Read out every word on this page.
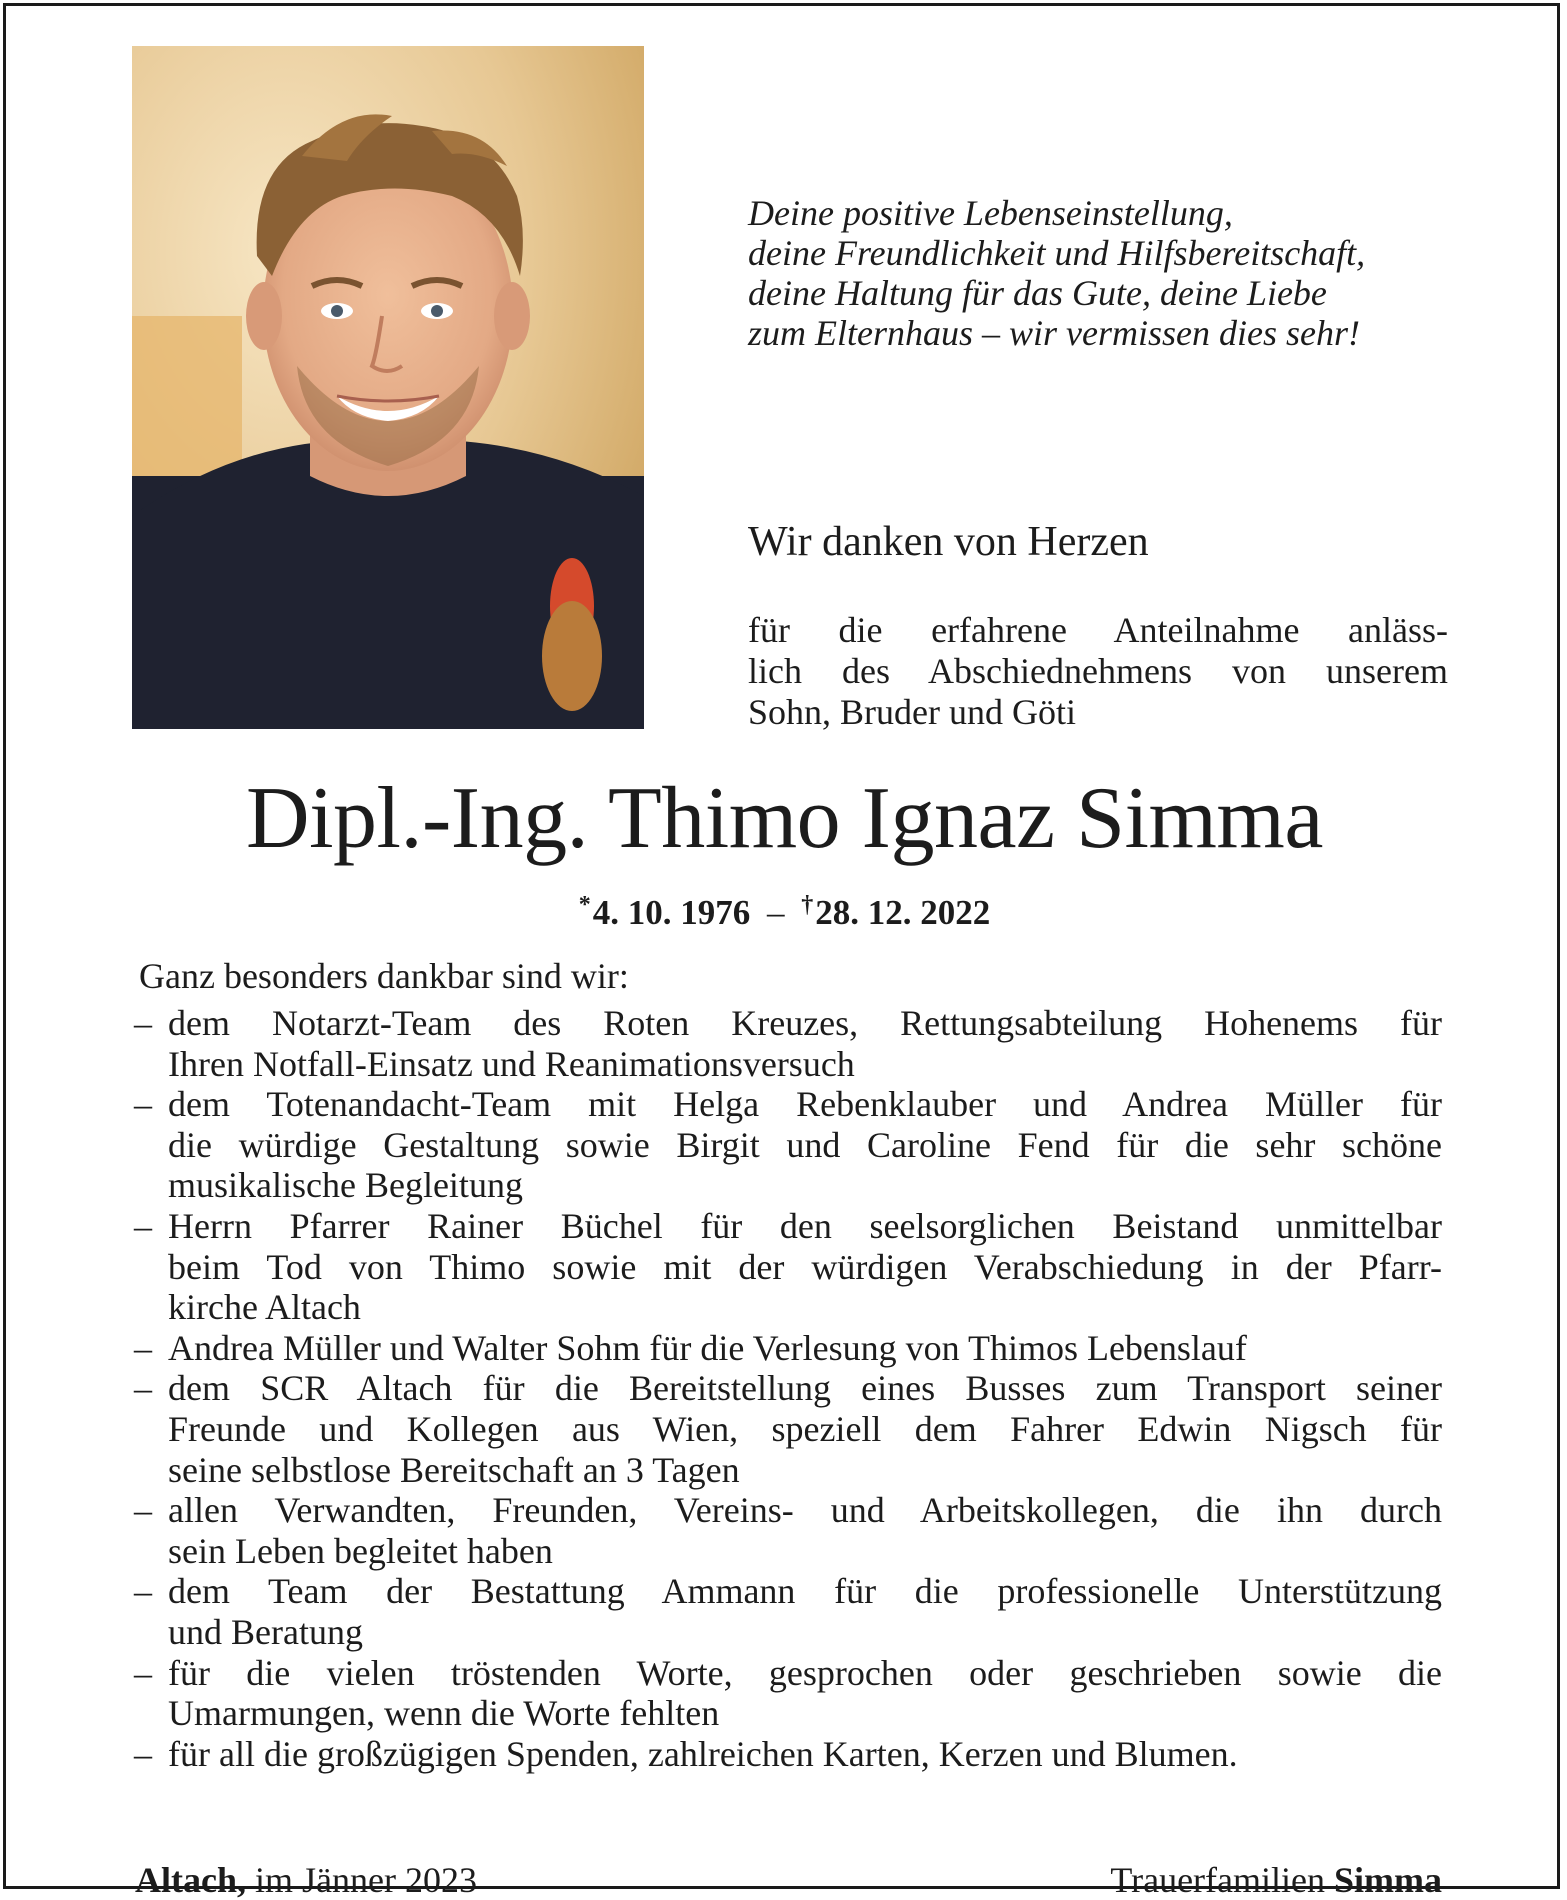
Deine positive Lebenseinstellung,
deine Freundlichkeit und Hilfsbereitschaft,
deine Haltung für das Gute, deine Liebe
zum Elternhaus – wir vermissen dies sehr!
Wir danken von Herzen
für die erfahrene Anteilnahme anläss-
lich des Abschiednehmens von unserem
Sohn, Bruder und Göti
Dipl.-Ing. Thimo Ignaz Simma
*4. 10. 1976 – †28. 12. 2022
Ganz besonders dankbar sind wir:
– dem Notarzt-Team des Roten Kreuzes, Rettungsabteilung Hohenems für
Ihren Notfall-Einsatz und Reanimationsversuch
– dem Totenandacht-Team mit Helga Rebenklauber und Andrea Müller für
die würdige Gestaltung sowie Birgit und Caroline Fend für die sehr schöne
musikalische Begleitung
– Herrn Pfarrer Rainer Büchel für den seelsorglichen Beistand unmittelbar
beim Tod von Thimo sowie mit der würdigen Verabschiedung in der Pfarr-
kirche Altach
– Andrea Müller und Walter Sohm für die Verlesung von Thimos Lebenslauf
– dem SCR Altach für die Bereitstellung eines Busses zum Transport seiner
Freunde und Kollegen aus Wien, speziell dem Fahrer Edwin Nigsch für
seine selbstlose Bereitschaft an 3 Tagen
– allen Verwandten, Freunden, Vereins- und Arbeitskollegen, die ihn durch
sein Leben begleitet haben
– dem Team der Bestattung Ammann für die professionelle Unterstützung
und Beratung
– für die vielen tröstenden Worte, gesprochen oder geschrieben sowie die
Umarmungen, wenn die Worte fehlten
– für all die großzügigen Spenden, zahlreichen Karten, Kerzen und Blumen.
Altach, im Jänner 2023	Trauerfamilien Simma
